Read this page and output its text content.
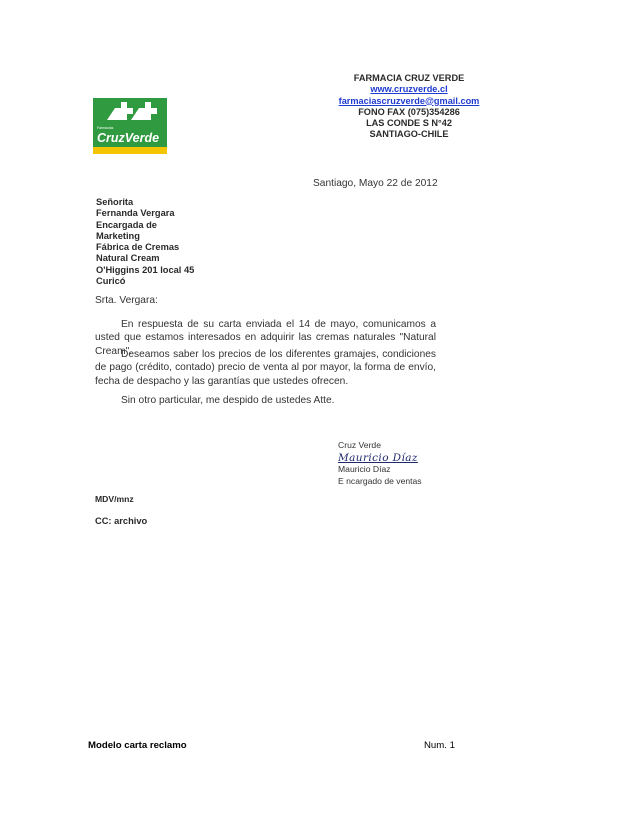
Farmacias
CruzVerde
FARMACIA CRUZ VERDE
www.cruzverde.cl
farmaciascruzverde@gmail.com
FONO FAX (075)354286
LAS CONDE S N°42
SANTIAGO-CHILE
Santiago, Mayo 22 de 2012
Señorita
Fernanda Vergara
Encargada de
Marketing
Fábrica de Cremas
Natural Cream
O'Higgins 201 local 45
Curicó
Srta. Vergara:

En respuesta de su carta enviada el 14 de mayo, comunicamos a usted que estamos interesados en adquirir las cremas naturales "Natural Cream".

Deseamos saber los precios de los diferentes gramajes, condiciones de pago (crédito, contado) precio de venta al por mayor, la forma de envío, fecha de despacho y las garantías que ustedes ofrecen.

Sin otro particular, me despido de ustedes Atte.

Cruz Verde
Mauricio Díaz
Mauricio Díaz
E ncargado de ventas
MDV/mnz
CC: archivo
Modelo carta reclamo	Num. 1
